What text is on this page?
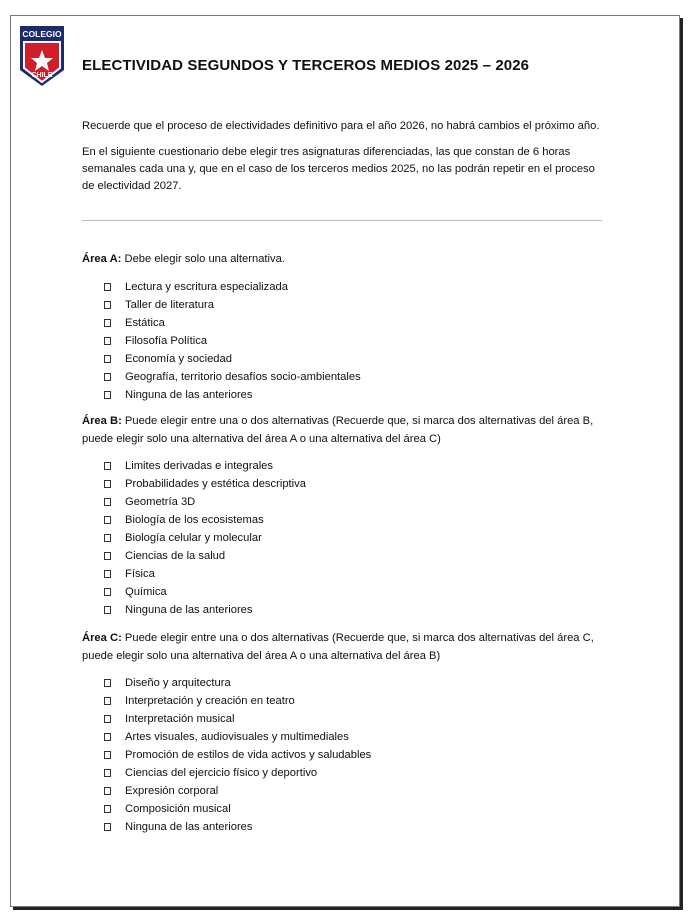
COLEGIO
CHILE
ELECTIVIDAD SEGUNDOS Y TERCEROS MEDIOS 2025 – 2026

Recuerde que el proceso de electividades definitivo para el año 2026, no habrá cambios el próximo año.

En el siguiente cuestionario debe elegir tres asignaturas diferenciadas, las que constan de 6 horas semanales cada una y, que en el caso de los terceros medios 2025, no las podrán repetir en el proceso de electividad 2027.

Área A: Debe elegir solo una alternativa.

Lectura y escritura especializada
Taller de literatura
Estática
Filosofía Política
Economía y sociedad
Geografía, territorio desafíos socio-ambientales
Ninguna de las anteriores

Área B: Puede elegir entre una o dos alternativas (Recuerde que, si marca dos alternativas del área B, puede elegir solo una alternativa del área A o una alternativa del área C)

Limites derivadas e integrales
Probabilidades y estética descriptiva
Geometría 3D
Biología de los ecosistemas
Biología celular y molecular
Ciencias de la salud
Física
Química
Ninguna de las anteriores

Área C: Puede elegir entre una o dos alternativas (Recuerde que, si marca dos alternativas del área C, puede elegir solo una alternativa del área A o una alternativa del área B)

Diseño y arquitectura
Interpretación y creación en teatro
Interpretación musical
Artes visuales, audiovisuales y multimediales
Promoción de estilos de vida activos y saludables
Ciencias del ejercicio físico y deportivo
Expresión corporal
Composición musical
Ninguna de las anteriores
